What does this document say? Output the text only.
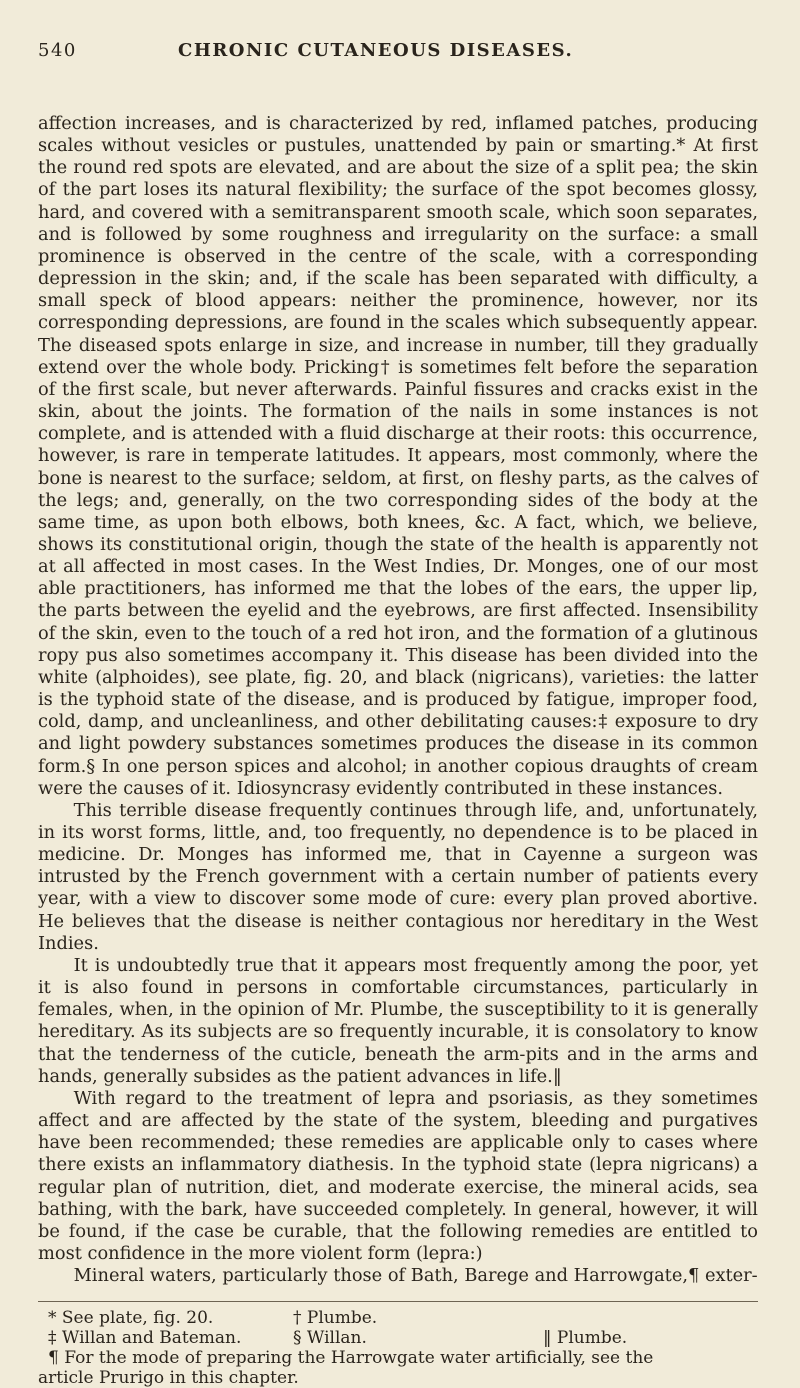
540	CHRONIC CUTANEOUS DISEASES.

affection increases, and is characterized by red, inflamed patches, producing scales without vesicles or pustules, unattended by pain or smarting.* At first the round red spots are elevated, and are about the size of a split pea; the skin of the part loses its natural flexibility; the surface of the spot becomes glossy, hard, and covered with a semitransparent smooth scale, which soon separates, and is followed by some roughness and irregularity on the surface: a small prominence is observed in the centre of the scale, with a corresponding depression in the skin; and, if the scale has been separated with difficulty, a small speck of blood appears: neither the prominence, however, nor its corresponding depressions, are found in the scales which subsequently appear. The diseased spots enlarge in size, and increase in number, till they gradually extend over the whole body. Pricking† is sometimes felt before the separation of the first scale, but never afterwards. Painful fissures and cracks exist in the skin, about the joints. The formation of the nails in some instances is not complete, and is attended with a fluid discharge at their roots: this occurrence, however, is rare in temperate latitudes. It appears, most commonly, where the bone is nearest to the surface; seldom, at first, on fleshy parts, as the calves of the legs; and, generally, on the two corresponding sides of the body at the same time, as upon both elbows, both knees, &c. A fact, which, we believe, shows its constitutional origin, though the state of the health is apparently not at all affected in most cases. In the West Indies, Dr. Monges, one of our most able practitioners, has informed me that the lobes of the ears, the upper lip, the parts between the eyelid and the eyebrows, are first affected. Insensibility of the skin, even to the touch of a red hot iron, and the formation of a glutinous ropy pus also sometimes accompany it. This disease has been divided into the white (alphoides), see plate, fig. 20, and black (nigricans), varieties: the latter is the typhoid state of the disease, and is produced by fatigue, improper food, cold, damp, and uncleanliness, and other debilitating causes:‡ exposure to dry and light powdery substances sometimes produces the disease in its common form.§ In one person spices and alcohol; in another copious draughts of cream were the causes of it. Idiosyncrasy evidently contributed in these instances.

This terrible disease frequently continues through life, and, unfortunately, in its worst forms, little, and, too frequently, no dependence is to be placed in medicine. Dr. Monges has informed me, that in Cayenne a surgeon was intrusted by the French government with a certain number of patients every year, with a view to discover some mode of cure: every plan proved abortive. He believes that the disease is neither contagious nor hereditary in the West Indies.

It is undoubtedly true that it appears most frequently among the poor, yet it is also found in persons in comfortable circumstances, particularly in females, when, in the opinion of Mr. Plumbe, the susceptibility to it is generally hereditary. As its subjects are so frequently incurable, it is consolatory to know that the tenderness of the cuticle, beneath the arm-pits and in the arms and hands, generally subsides as the patient advances in life.‖

With regard to the treatment of lepra and psoriasis, as they sometimes affect and are affected by the state of the system, bleeding and purgatives have been recommended; these remedies are applicable only to cases where there exists an inflammatory diathesis. In the typhoid state (lepra nigricans) a regular plan of nutrition, diet, and moderate exercise, the mineral acids, sea bathing, with the bark, have succeeded completely. In general, however, it will be found, if the case be curable, that the following remedies are entitled to most confidence in the more violent form (lepra:)

Mineral waters, particularly those of Bath, Barege and Harrowgate,¶ exter-

* See plate, fig. 20.	† Plumbe.
‡ Willan and Bateman.	§ Willan.	‖ Plumbe.
¶ For the mode of preparing the Harrowgate water artificially, see the
article Prurigo in this chapter.
